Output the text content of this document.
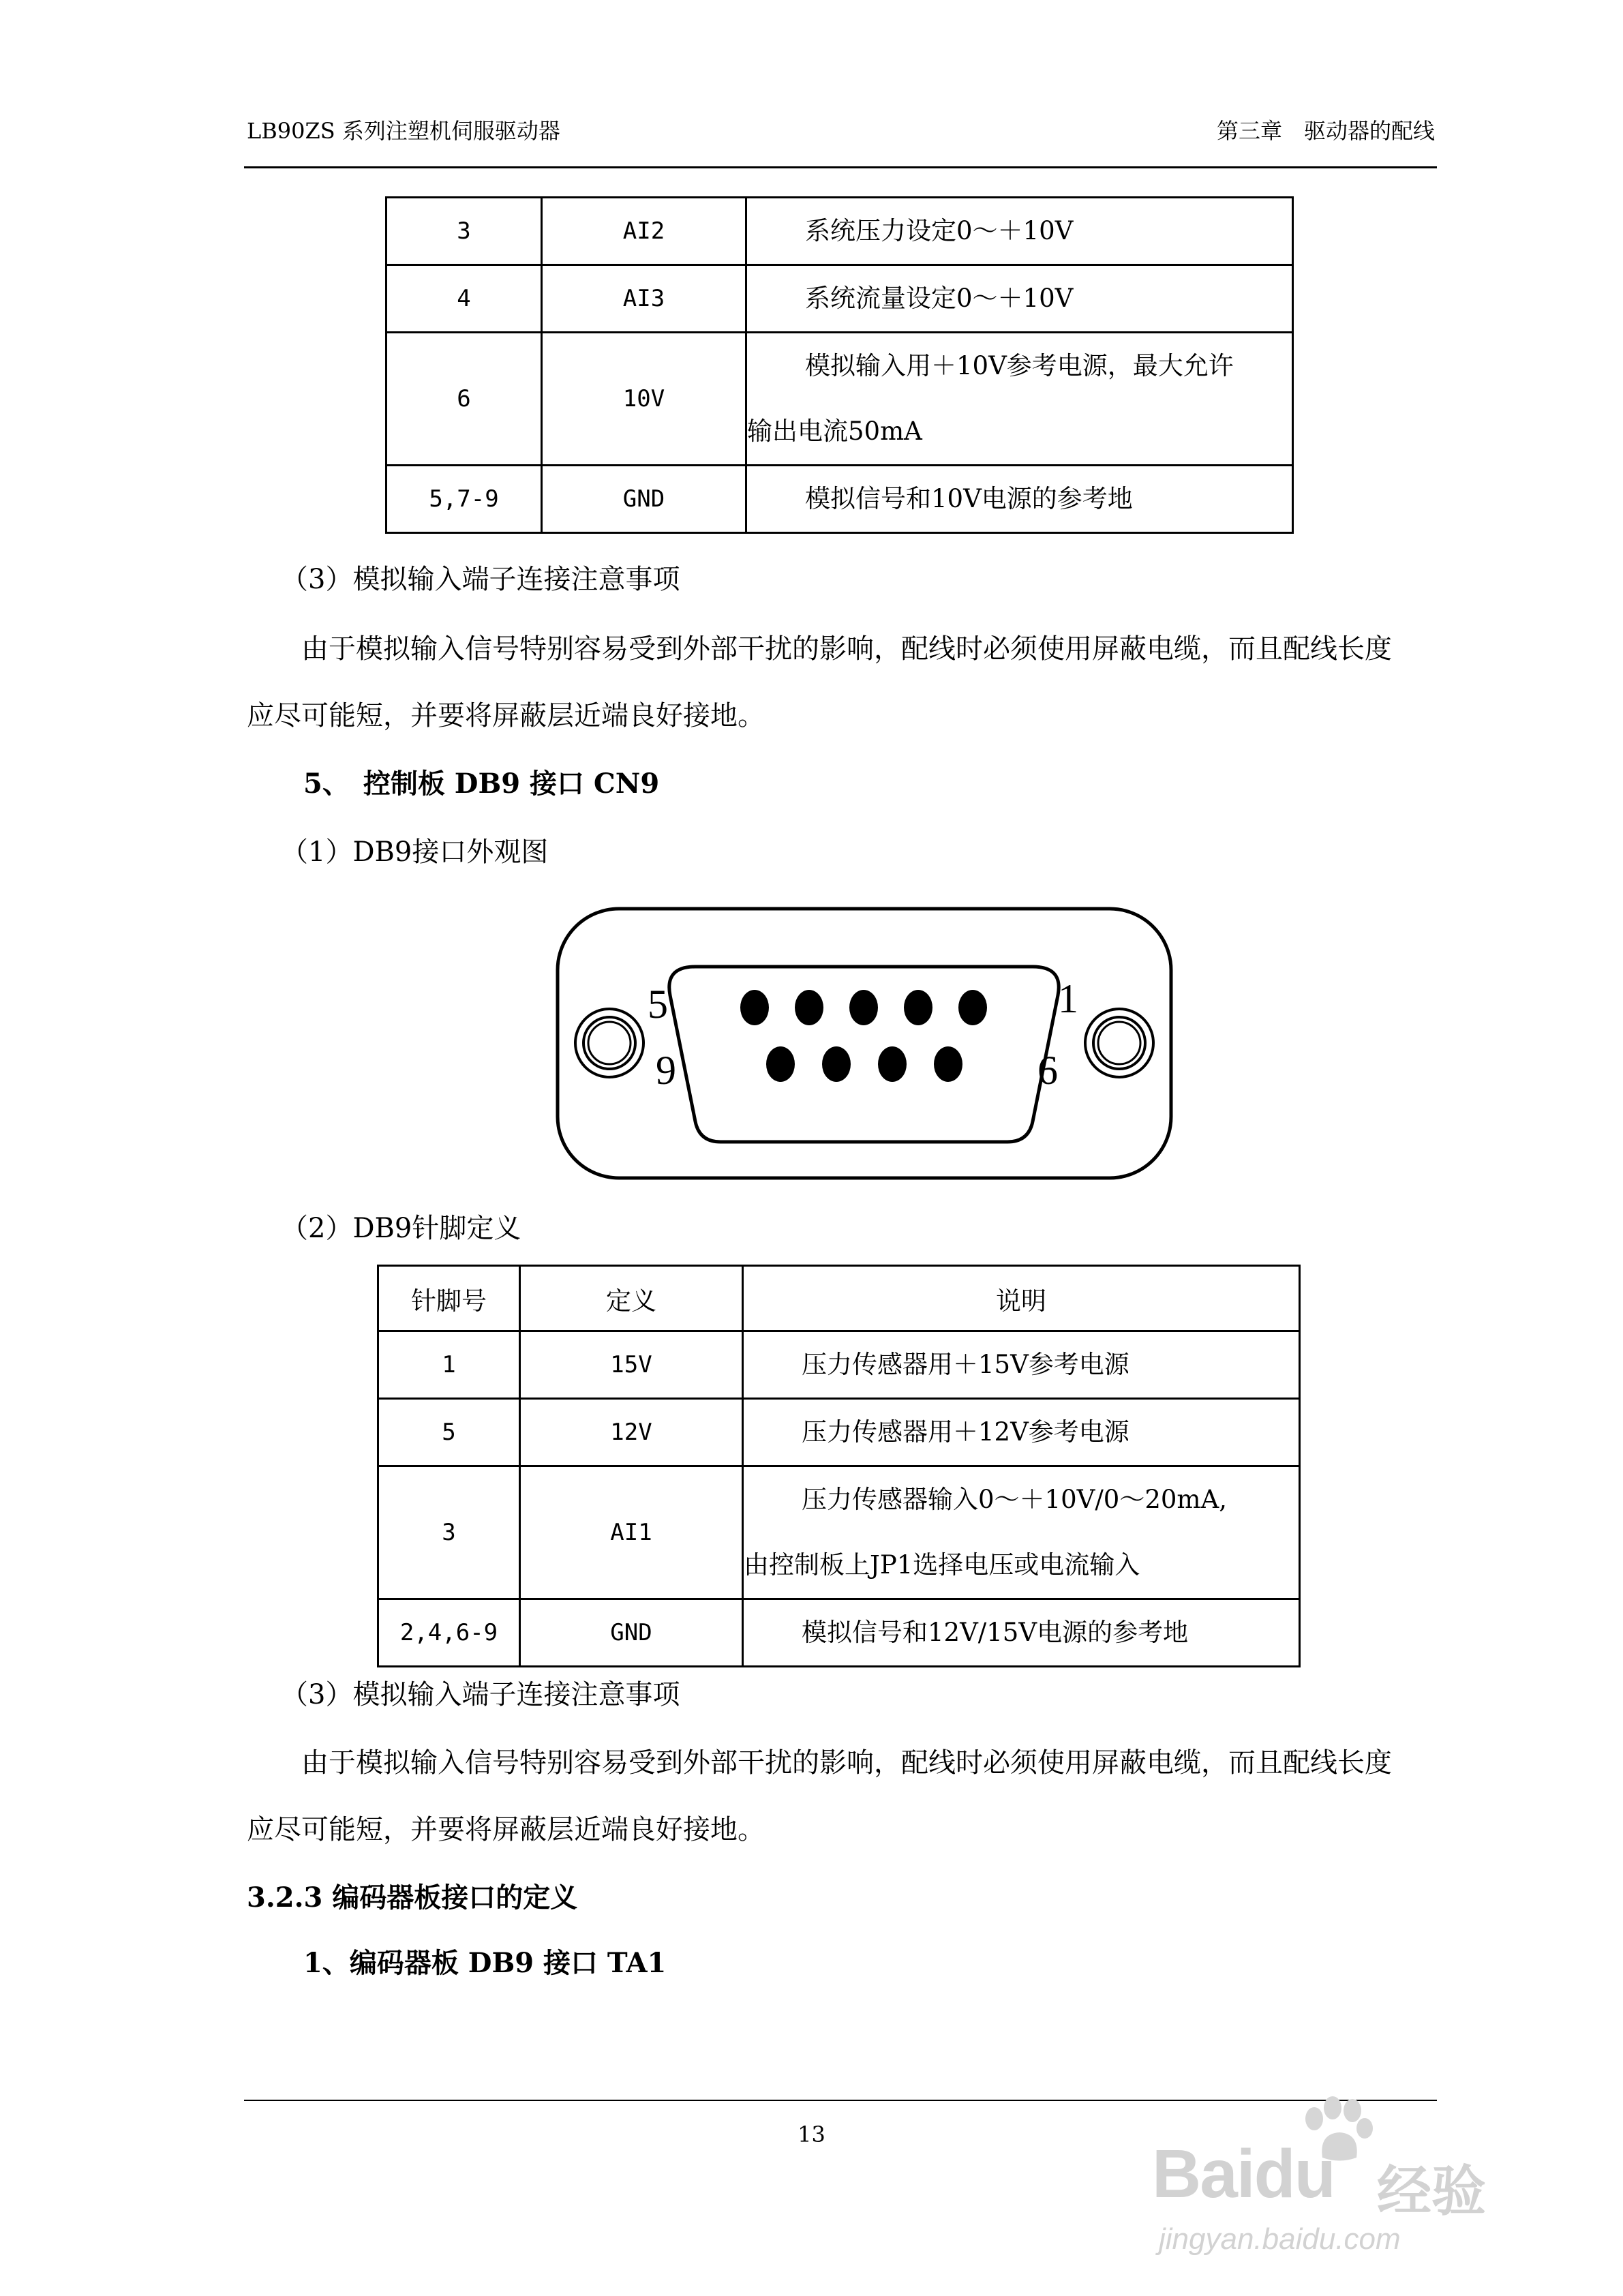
LB90ZS 系列注塑机伺服驱动器	第三章　驱动器的配线
3	AI2	系统压力设定0～＋10V

4	AI3	系统流量设定0～＋10V

6	10V	模拟输入用＋10V参考电源，最大允许
输出电流50mA

5,7-9	GND	模拟信号和10V电源的参考地
（3）模拟输入端子连接注意事项
由于模拟输入信号特别容易受到外部干扰的影响，配线时必须使用屏蔽电缆，而且配线长度
应尽可能短，并要将屏蔽层近端良好接地。
5、　控制板 DB9 接口 CN9
（1）DB9接口外观图
5	1
9	6
（2）DB9针脚定义
针脚号	定义	说明
1	15V	压力传感器用＋15V参考电源

5	12V	压力传感器用＋12V参考电源

3	AI1	压力传感器输入0～＋10V/0～20mA,
由控制板上JP1选择电压或电流输入

2,4,6-9	GND	模拟信号和12V/15V电源的参考地
（3）模拟输入端子连接注意事项
由于模拟输入信号特别容易受到外部干扰的影响，配线时必须使用屏蔽电缆，而且配线长度
应尽可能短，并要将屏蔽层近端良好接地。
3.2.3 编码器板接口的定义
1、编码器板 DB9 接口 TA1
13
Baidu 经验
jingyan.baidu.com
